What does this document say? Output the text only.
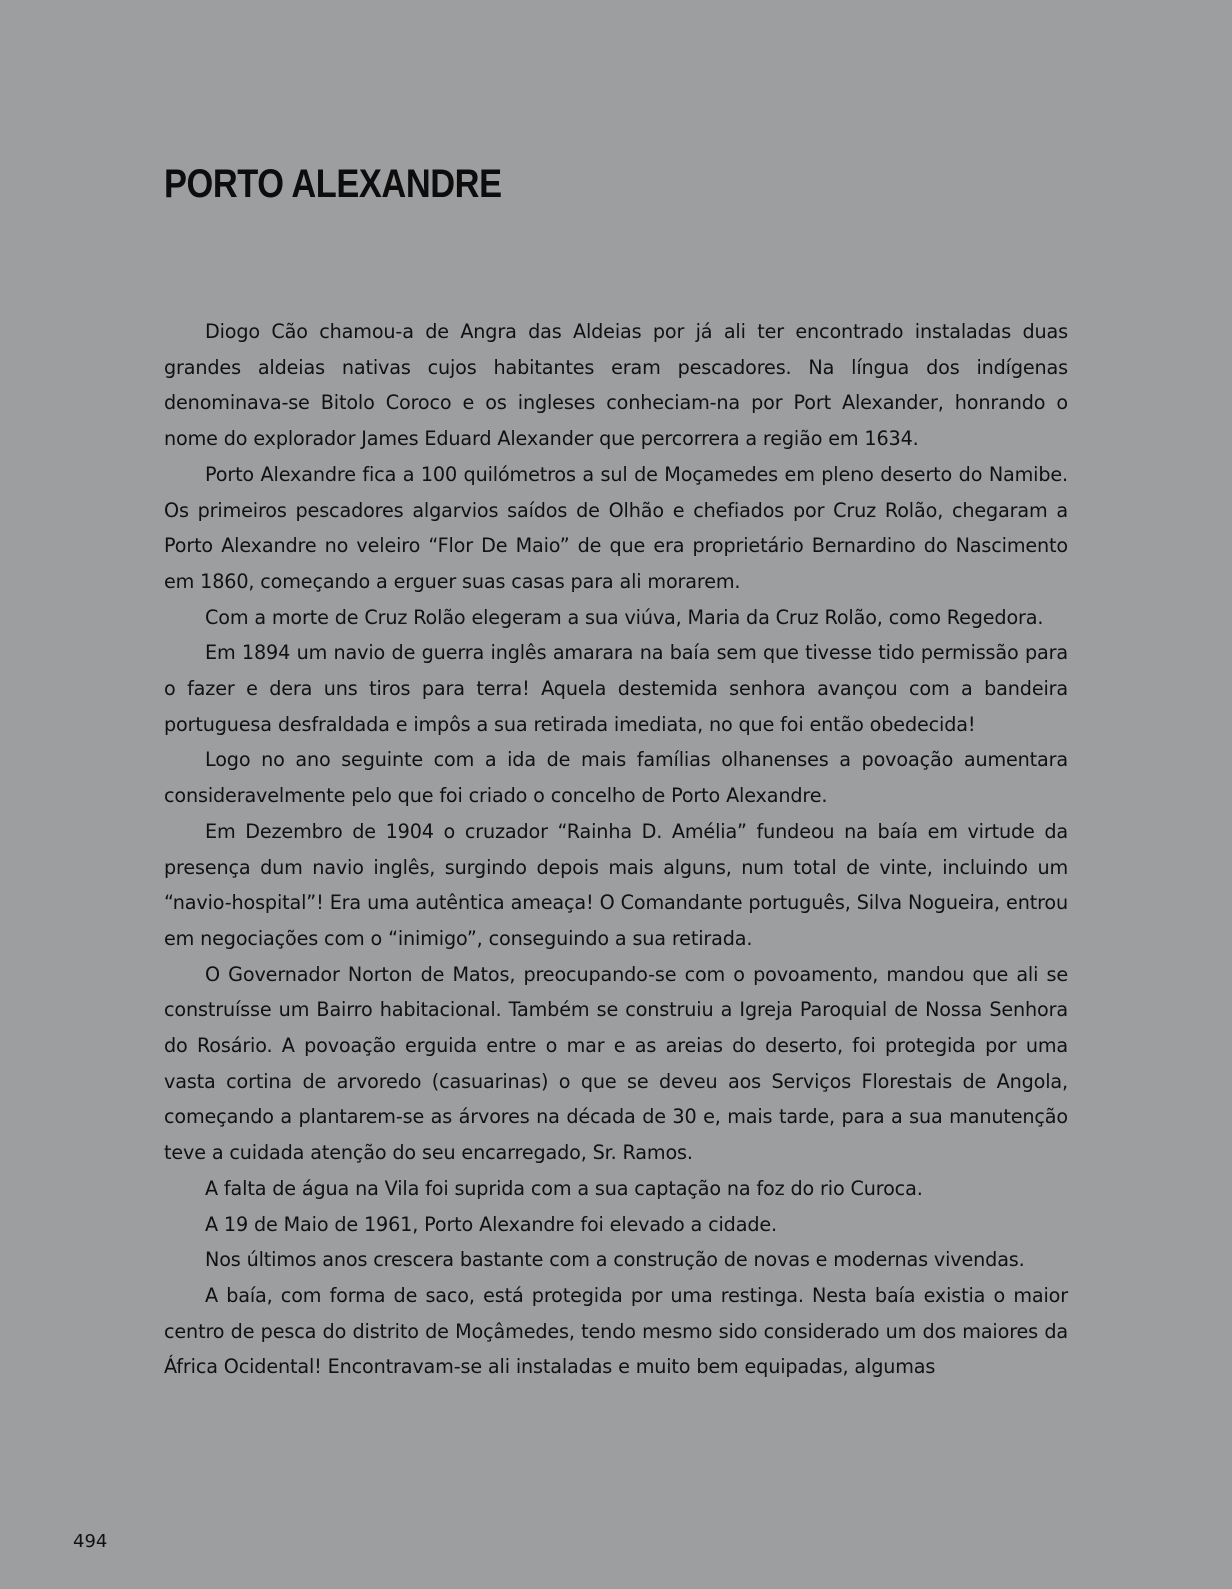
PORTO ALEXANDRE

Diogo Cão chamou-a de Angra das Aldeias por já ali ter encontrado instaladas duas grandes aldeias nativas cujos habitantes eram pescadores. Na língua dos indígenas denominava-se Bitolo Coroco e os ingleses conheciam-na por Port Alexander, honrando o nome do explorador James Eduard Alexander que percorrera a região em 1634.

Porto Alexandre fica a 100 quilómetros a sul de Moçamedes em pleno deserto do Namibe. Os primeiros pescadores algarvios saídos de Olhão e chefiados por Cruz Rolão, chegaram a Porto Alexandre no veleiro “Flor De Maio” de que era proprietário Bernardino do Nascimento em 1860, começando a erguer suas casas para ali morarem.

Com a morte de Cruz Rolão elegeram a sua viúva, Maria da Cruz Rolão, como Regedora.

Em 1894 um navio de guerra inglês amarara na baía sem que tivesse tido permissão para o fazer e dera uns tiros para terra! Aquela destemida senhora avançou com a bandeira portuguesa desfraldada e impôs a sua retirada imediata, no que foi então obedecida!

Logo no ano seguinte com a ida de mais famílias olhanenses a povoação aumentara consideravelmente pelo que foi criado o concelho de Porto Alexandre.

Em Dezembro de 1904 o cruzador “Rainha D. Amélia” fundeou na baía em virtude da presença dum navio inglês, surgindo depois mais alguns, num total de vinte, incluindo um “navio-hospital”! Era uma autêntica ameaça! O Comandante português, Silva Nogueira, entrou em negociações com o “inimigo”, conseguindo a sua retirada.

O Governador Norton de Matos, preocupando-se com o povoamento, mandou que ali se construísse um Bairro habitacional. Também se construiu a Igreja Paroquial de Nossa Senhora do Rosário. A povoação erguida entre o mar e as areias do deserto, foi protegida por uma vasta cortina de arvoredo (casuarinas) o que se deveu aos Serviços Florestais de Angola, começando a plantarem-se as árvores na década de 30 e, mais tarde, para a sua manutenção teve a cuidada atenção do seu encarregado, Sr. Ramos.

A falta de água na Vila foi suprida com a sua captação na foz do rio Curoca.

A 19 de Maio de 1961, Porto Alexandre foi elevado a cidade.

Nos últimos anos crescera bastante com a construção de novas e modernas vivendas.

A baía, com forma de saco, está protegida por uma restinga. Nesta baía existia o maior centro de pesca do distrito de Moçâmedes, tendo mesmo sido considerado um dos maiores da África Ocidental! Encontravam-se ali instaladas e muito bem equipadas, algumas

494
